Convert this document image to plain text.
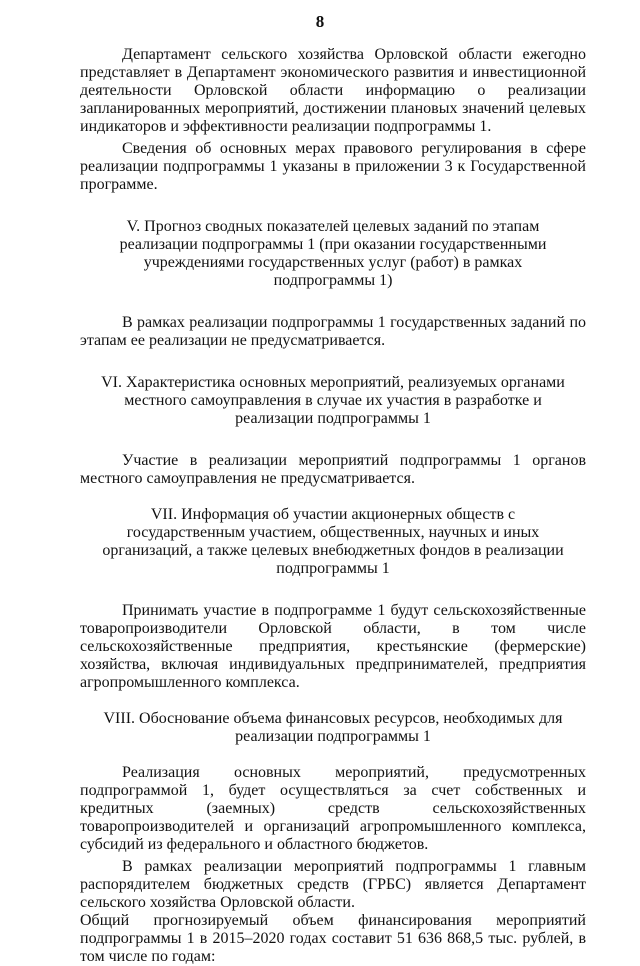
8

Департамент сельского хозяйства Орловской области ежегодно представляет в Департамент экономического развития и инвестиционной деятельности Орловской области информацию о реализации запланированных мероприятий, достижении плановых значений целевых индикаторов и эффективности реализации подпрограммы 1.

Сведения об основных мерах правового регулирования в сфере реализации подпрограммы 1 указаны в приложении 3 к Государственной программе.

V. Прогноз сводных показателей целевых заданий по этапам реализации подпрограммы 1 (при оказании государственными учреждениями государственных услуг (работ) в рамках подпрограммы 1)

В рамках реализации подпрограммы 1 государственных заданий по этапам ее реализации не предусматривается.

VI. Характеристика основных мероприятий, реализуемых органами местного самоуправления в случае их участия в разработке и реализации подпрограммы 1

Участие в реализации мероприятий подпрограммы 1 органов местного самоуправления не предусматривается.

VII. Информация об участии акционерных обществ с государственным участием, общественных, научных и иных организаций, а также целевых внебюджетных фондов в реализации подпрограммы 1

Принимать участие в подпрограмме 1 будут сельскохозяйственные товаропроизводители Орловской области, в том числе сельскохозяйственные предприятия, крестьянские (фермерские) хозяйства, включая индивидуальных предпринимателей, предприятия агропромышленного комплекса.

VIII. Обоснование объема финансовых ресурсов, необходимых для реализации подпрограммы 1

Реализация основных мероприятий, предусмотренных подпрограммой 1, будет осуществляться за счет собственных и кредитных (заемных) средств сельскохозяйственных товаропроизводителей и организаций агропромышленного комплекса, субсидий из федерального и областного бюджетов.

В рамках реализации мероприятий подпрограммы 1 главным распорядителем бюджетных средств (ГРБС) является Департамент сельского хозяйства Орловской области.

Общий прогнозируемый объем финансирования мероприятий подпрограммы 1 в 2015–2020 годах составит 51 636 868,5 тыс. рублей, в том числе по годам:
